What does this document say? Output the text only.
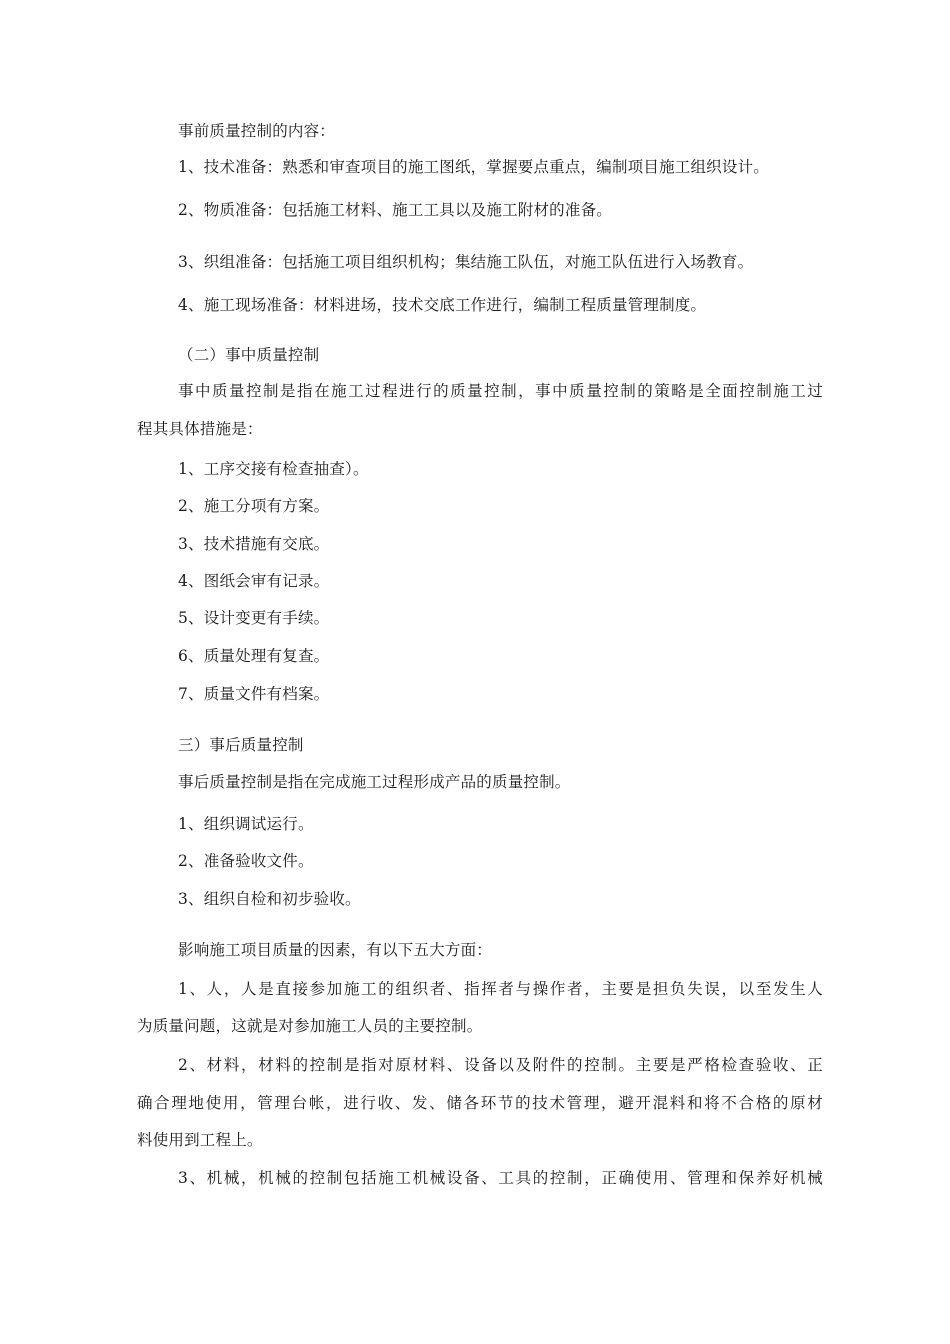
事前质量控制的内容：
1、技术准备：熟悉和审查项目的施工图纸，掌握要点重点，编制项目施工组织设计。
2、物质准备：包括施工材料、施工工具以及施工附材的准备。
3、织组准备：包括施工项目组织机构；集结施工队伍，对施工队伍进行入场教育。
4、施工现场准备：材料进场，技术交底工作进行，编制工程质量管理制度。
（二）事中质量控制
事中质量控制是指在施工过程进行的质量控制，事中质量控制的策略是全面控制施工过
程其具体措施是：
1、工序交接有检查抽查）。
2、施工分项有方案。
3、技术措施有交底。
4、图纸会审有记录。
5、设计变更有手续。
6、质量处理有复查。
7、质量文件有档案。
三）事后质量控制
事后质量控制是指在完成施工过程形成产品的质量控制。
1、组织调试运行。
2、准备验收文件。
3、组织自检和初步验收。
影响施工项目质量的因素，有以下五大方面：
1、人，人是直接参加施工的组织者、指挥者与操作者，主要是担负失误，以至发生人
为质量问题，这就是对参加施工人员的主要控制。
2、材料，材料的控制是指对原材料、设备以及附件的控制。主要是严格检查验收、正
确合理地使用，管理台帐，进行收、发、储各环节的技术管理，避开混料和将不合格的原材
料使用到工程上。
3、机械，机械的控制包括施工机械设备、工具的控制，正确使用、管理和保养好机械
